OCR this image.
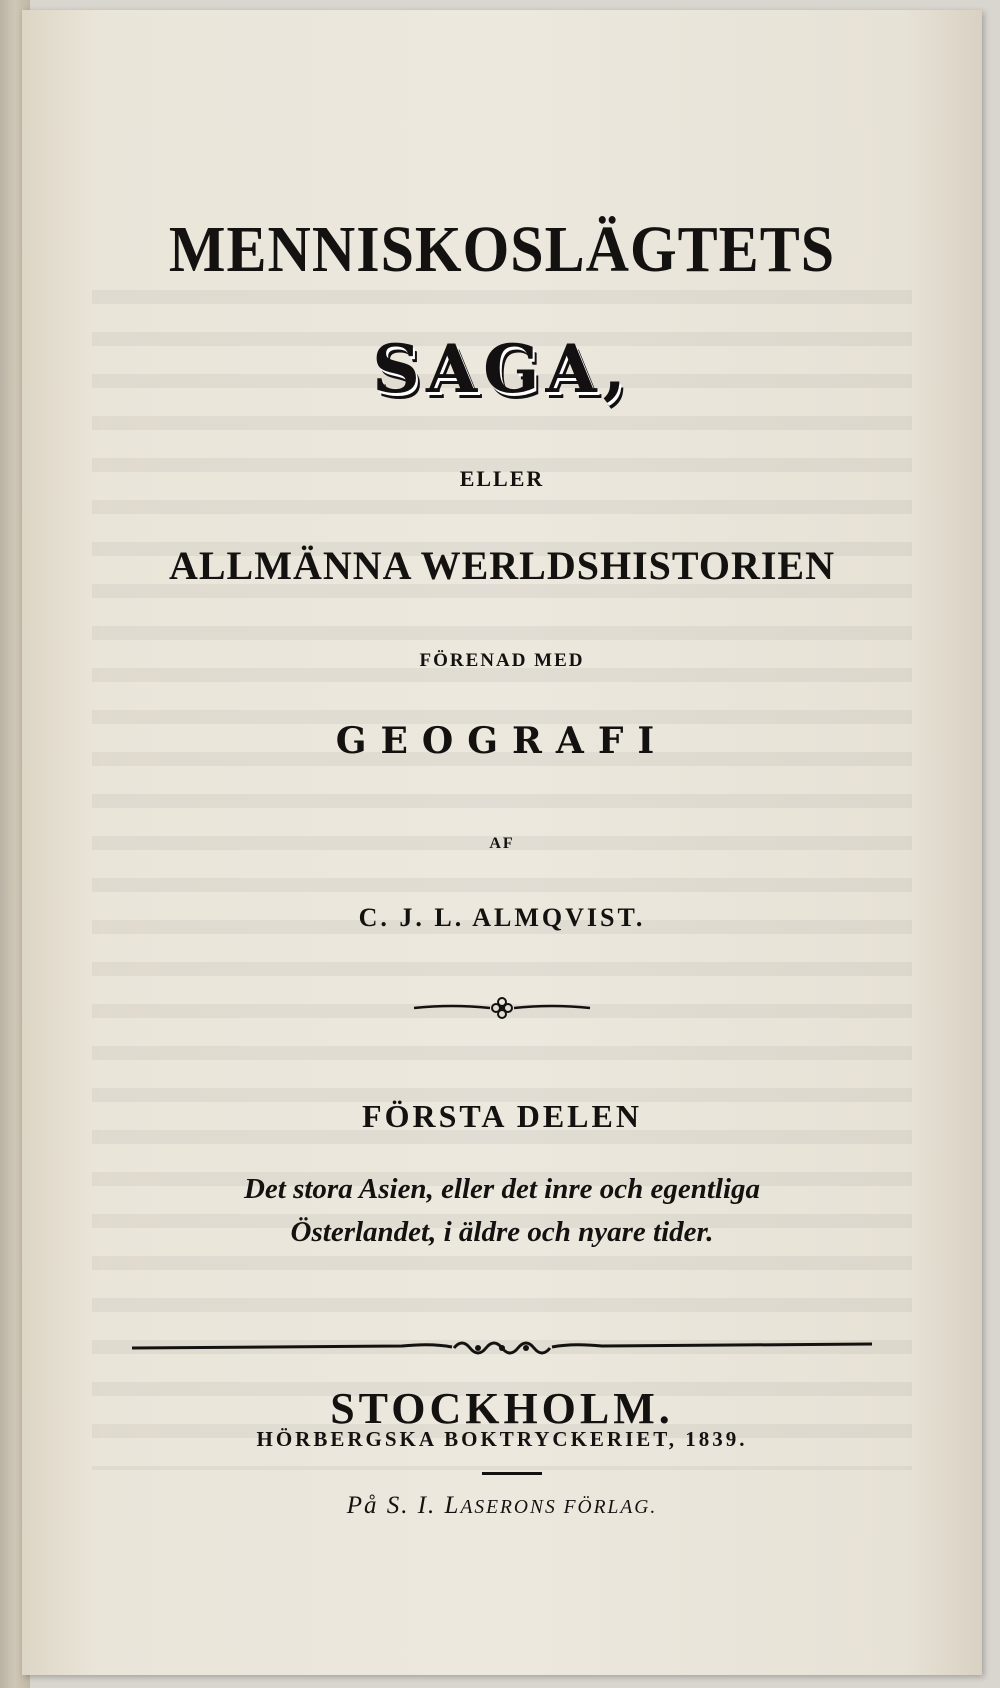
MENNISKOSLÄGTETS
SAGA,
ELLER
ALLMÄNNA WERLDSHISTORIEN
FÖRENAD MED
GEOGRAFI
AF
C. J. L. ALMQVIST.
FÖRSTA DELEN
Det stora Asien, eller det inre och egentliga
Österlandet, i äldre och nyare tider.
STOCKHOLM.
HÖRBERGSKA BOKTRYCKERIET, 1839.
På S. I. LASERONS FÖRLAG.
